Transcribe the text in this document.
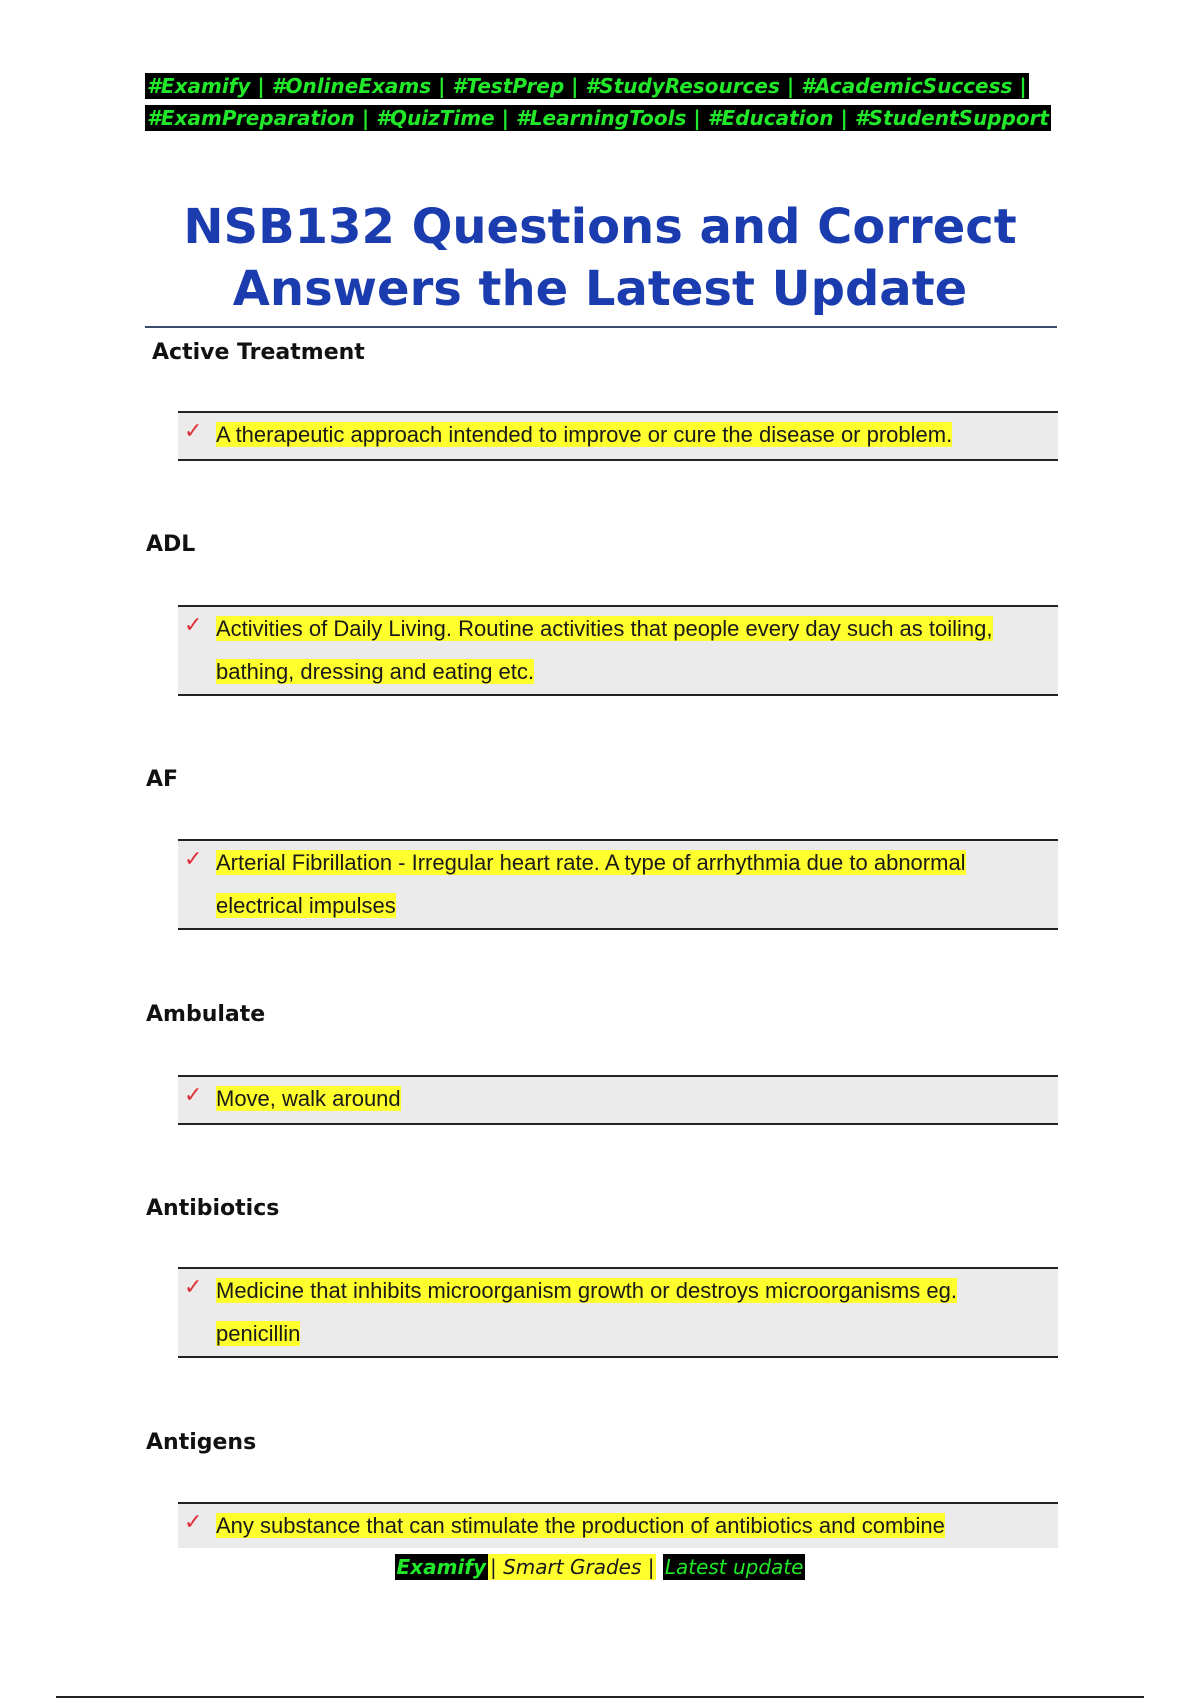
#Examify | #OnlineExams | #TestPrep | #StudyResources | #AcademicSuccess |
#ExamPreparation | #QuizTime | #LearningTools | #Education | #StudentSupport
NSB132 Questions and Correct
Answers the Latest Update
Active Treatment
✓ A therapeutic approach intended to improve or cure the disease or problem.

ADL
✓ Activities of Daily Living. Routine activities that people every day such as toiling,
bathing, dressing and eating etc.

AF
✓ Arterial Fibrillation - Irregular heart rate. A type of arrhythmia due to abnormal
electrical impulses

Ambulate
✓ Move, walk around

Antibiotics
✓ Medicine that inhibits microorganism growth or destroys microorganisms eg.
penicillin

Antigens
✓ Any substance that can stimulate the production of antibiotics and combine

Examify | Smart Grades | Latest update
